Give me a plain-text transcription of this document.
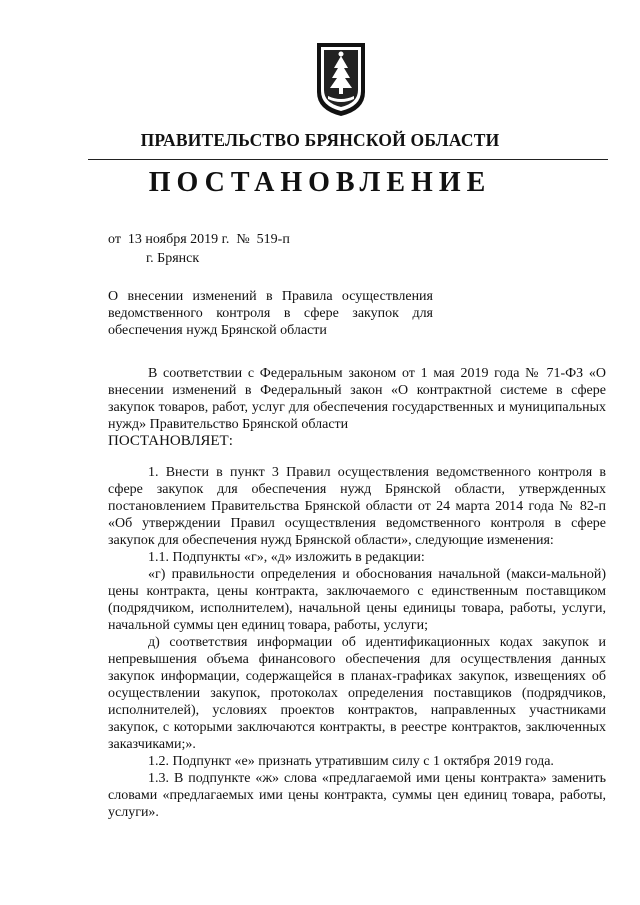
ПРАВИТЕЛЬСТВО БРЯНСКОЙ ОБЛАСТИ
ПОСТАНОВЛЕНИЕ
от  13 ноября 2019 г.  №  519-п
г. Брянск
О внесении изменений в Правила осуществления ведомственного контроля в сфере закупок для обеспечения нужд Брянской области

В соответствии с Федеральным законом от 1 мая 2019 года № 71-ФЗ «О внесении изменений в Федеральный закон «О контрактной системе в сфере закупок товаров, работ, услуг для обеспечения государственных и муниципальных нужд» Правительство Брянской области

ПОСТАНОВЛЯЕТ:

1. Внести в пункт 3 Правил осуществления ведомственного контроля в сфере закупок для обеспечения нужд Брянской области, утвержденных постановлением Правительства Брянской области от 24 марта 2014 года № 82-п «Об утверждении Правил осуществления ведомственного контроля в сфере закупок для обеспечения нужд Брянской области», следующие изменения:

1.1. Подпункты «г», «д» изложить в редакции:

«г) правильности определения и обоснования начальной (макси-мальной) цены контракта, цены контракта, заключаемого с единственным поставщиком (подрядчиком, исполнителем), начальной цены единицы товара, работы, услуги, начальной суммы цен единиц товара, работы, услуги;

д) соответствия информации об идентификационных кодах закупок и непревышения объема финансового обеспечения для осуществления данных закупок информации, содержащейся в планах-графиках закупок, извещениях об осуществлении закупок, протоколах определения поставщиков (подрядчиков, исполнителей), условиях проектов контрактов, направленных участниками закупок, с которыми заключаются контракты, в реестре контрактов, заключенных заказчиками;».

1.2. Подпункт «е» признать утратившим силу с 1 октября 2019 года.

1.3. В подпункте «ж» слова «предлагаемой ими цены контракта» заменить словами «предлагаемых ими цены контракта, суммы цен единиц товара, работы, услуги».
